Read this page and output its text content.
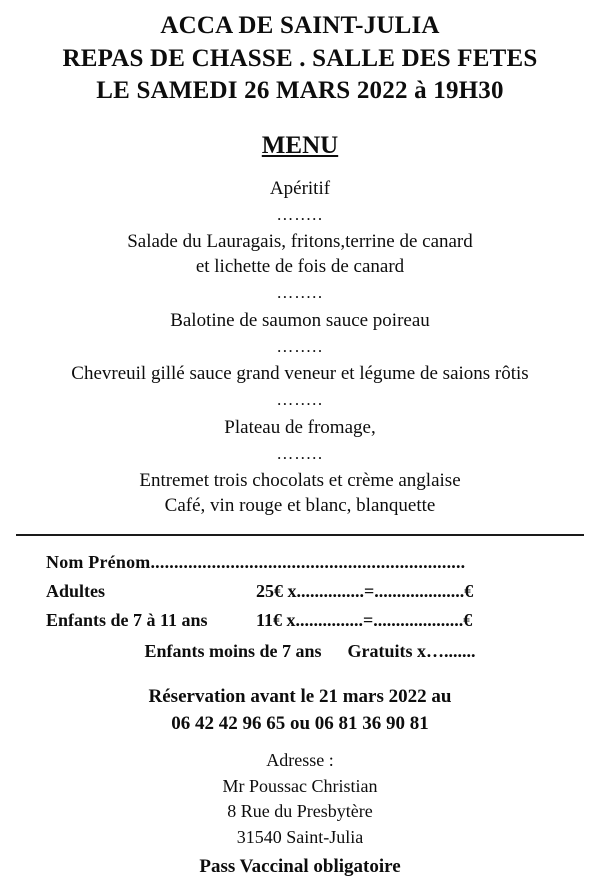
ACCA DE SAINT-JULIA
REPAS DE CHASSE . SALLE DES FETES
LE SAMEDI 26 MARS 2022 à 19H30
MENU
Apéritif
….....
Salade du Lauragais, fritons,terrine de canard
et lichette de fois de canard
….....
Balotine de saumon sauce poireau
….....
Chevreuil gillé sauce grand veneur et légume de saions rôtis
….....
Plateau de fromage,
….....
Entremet trois chocolats et crème anglaise
Café, vin rouge et blanc, blanquette
Nom Prénom...................................................................
Adultes	25€ x ............... = .................... €
Enfants de 7 à 11 ans	11€ x ............... = .................... €
Enfants moins de 7 ans Gratuits x….......
Réservation avant le 21 mars 2022 au
06 42 42 96 65 ou 06 81 36 90 81
Adresse :
Mr Poussac Christian
8 Rue du Presbytère
31540 Saint-Julia
Pass Vaccinal obligatoire
